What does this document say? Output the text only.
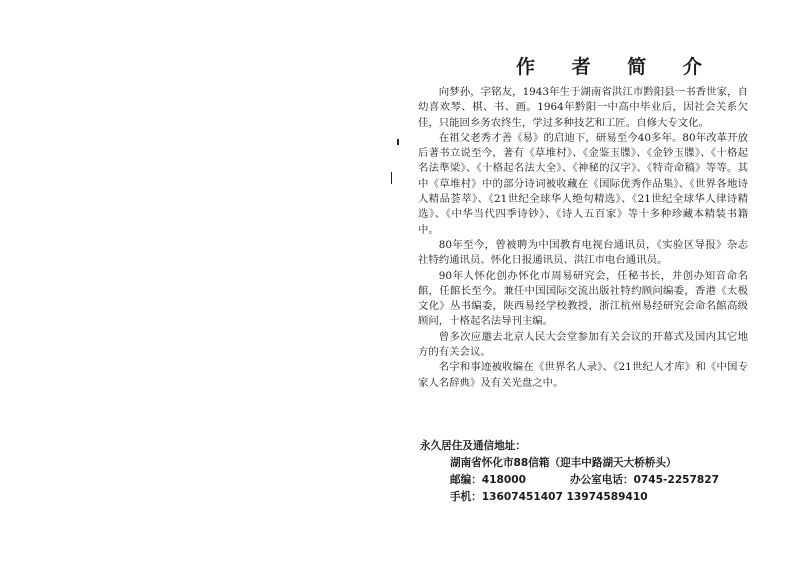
作 者 简 介

向梦孙，字铭友，1943年生于湖南省洪江市黔阳县一书香世家，自幼喜欢琴、棋、书、画。1964年黔阳一中高中毕业后，因社会关系欠佳，只能回乡务农终生，学过多种技艺和工匠。自修大专文化。

在祖父老秀才善《易》的启迪下，研易至今40多年。80年改革开放后著书立说至今，著有《草堆村》、《金鉴玉牒》、《金钞玉牒》、《十格起名法準梁》、《十格起名法大全》、《神秘的汉字》、《特奇命稿》等等。其中《草堆村》中的部分诗词被收藏在《国际优秀作品集》、《世界各地诗人精品荟萃》、《21世纪全球华人绝句精选》、《21世纪全球华人律诗精选》、《中华当代四季诗钞》、《诗人五百家》等十多种珍藏本精装书籍中。

80年至今，曾被聘为中国教育电视台通讯员，《实验区导报》杂志社特约通讯员、怀化日报通讯员、洪江市电台通讯员。

90年人怀化创办怀化市周易研究会，任秘书长，并创办知音命名館，任館长至今。兼任中国国际交流出版社特约顾问编委，香港《太极文化》丛书编委，陕西易经学校教授，浙江杭州易经研究会命名館高级顾问，十格起名法导刊主编。

曾多次应邀去北京人民大会堂参加有关会议的开幕式及国内其它地方的有关会议。

名字和事迹被收编在《世界名人录》、《21世纪人才库》和《中国专家人名辞典》及有关光盘之中。

永久居住及通信地址：
湖南省怀化市88信箱（迎丰中路湖天大桥桥头）
邮编：418000	办公室电话：0745-2257827
手机：13607451407 13974589410
